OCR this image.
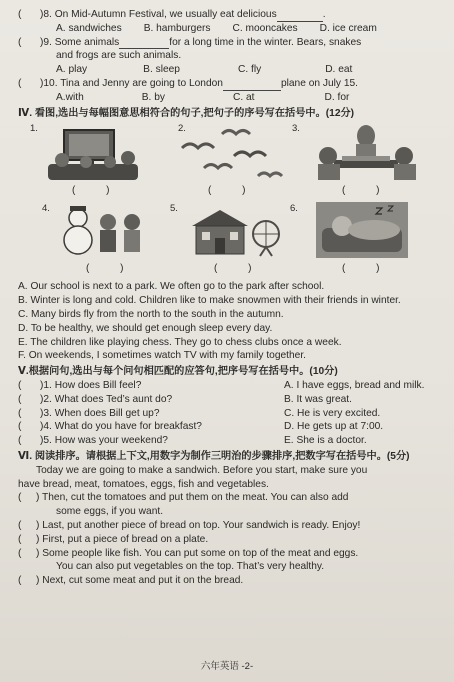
(	)8. On Mid-Autumn Festival, we usually eat delicious	.
A. sandwiches B. hamburgers C. mooncakes D. ice cream
(	)9. Some animals	for a long time in the winter. Bears, snakes
and frogs are such animals.
A. play	B. sleep	C. fly	D. eat
(	)10. Tina and Jenny are going to London	plane on July 15.
A.with	B. by	C. at	D. for
Ⅳ. 看图,选出与每幅图意思相符合的句子,把句子的序号写在括号中。(12分)
1.	2.	3.
4.	5.	6.
( )	( )	( )
( )	( )	( )
A. Our school is next to a park. We often go to the park after school.
B. Winter is long and cold. Children like to make snowmen with their friends in winter.
C. Many birds fly from the north to the south in the autumn.
D. To be healthy, we should get enough sleep every day.
E. The children like playing chess. They go to chess clubs once a week.
F. On weekends, I sometimes watch TV with my family together.
Ⅴ.根据问句,选出与每个问句相匹配的应答句,把序号写在括号中。(10分)
(	)1. How does Bill feel?	A. I have eggs, bread and milk.
(	)2. What does Ted’s aunt do?	B. It was great.
(	)3. When does Bill get up?	C. He is very excited.
(	)4. What do you have for breakfast?	D. He gets up at 7:00.
(	)5. How was your weekend?	E. She is a doctor.
Ⅵ. 阅读排序。请根据上下文,用数字为制作三明治的步骤排序,把数字写在括号中。(5分)
Today we are going to make a sandwich. Before you start, make sure you
have bread, meat, tomatoes, eggs, fish and vegetables.
(	) Then, cut the tomatoes and put them on the meat. You can also add
some eggs, if you want.
(	) Last, put another piece of bread on top. Your sandwich is ready. Enjoy!
(	) First, put a piece of bread on a plate.
(	) Some people like fish. You can put some on top of the meat and eggs.
You can also put vegetables on the top. That’s very healthy.
(	) Next, cut some meat and put it on the bread.
六年英语 -2-
